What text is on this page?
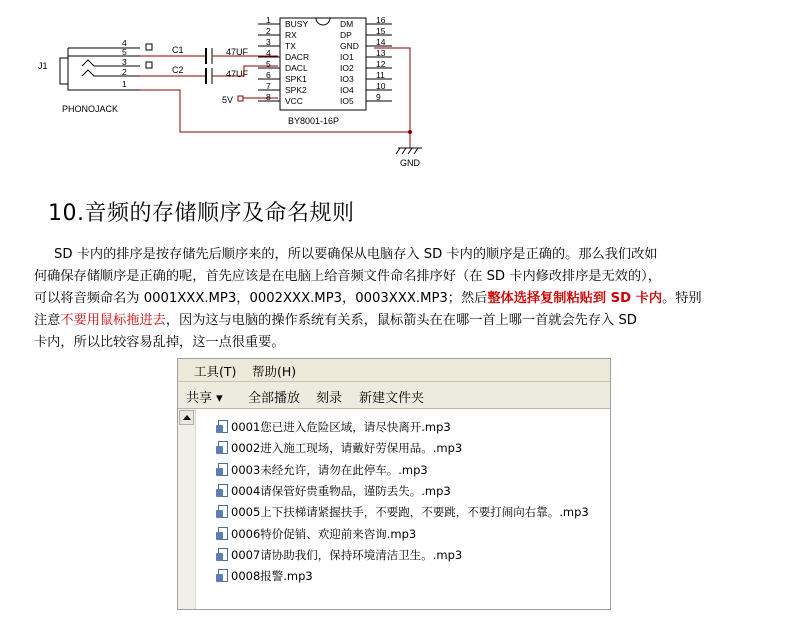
J1
PHONOJACK
4
5
3
2
1
C1
C2
47UF
47UF
5V
BY8001-16P
1 BUSY
2 RX
3 TX
4 DACR
5 DACL
6 SPK1
7 SPK2
8 VCC
16
DM
15
DP
14
GND
13
IO1
12
IO2
11
IO3
10
IO4
9
IO5
GND
10.音频的存储顺序及命名规则
SD 卡内的排序是按存储先后顺序来的，所以要确保从电脑存入 SD 卡内的顺序是正确的。那么我们改如
何确保存储顺序是正确的呢，首先应该是在电脑上给音频文件命名排序好（在 SD 卡内修改排序是无效的），
可以将音频命名为 0001XXX.MP3，0002XXX.MP3，0003XXX.MP3；然后整体选择复制粘贴到 SD 卡内。特别
注意不要用鼠标拖进去，因为这与电脑的操作系统有关系，鼠标箭头在在哪一首上哪一首就会先存入 SD
卡内，所以比较容易乱掉，这一点很重要。
工具(T) 帮助(H)
共享 ▾ 全部播放 刻录 新建文件夹
0001您已进入危险区域，请尽快离开.mp3
0002进入施工现场，请戴好劳保用品。.mp3
0003未经允许，请勿在此停车。.mp3
0004请保管好贵重物品，谨防丢失。.mp3
0005上下扶梯请紧握扶手，不要跑，不要跳，不要打闹向右靠。.mp3
0006特价促销、欢迎前来咨询.mp3
0007请协助我们，保持环境清洁卫生。.mp3
0008报警.mp3
